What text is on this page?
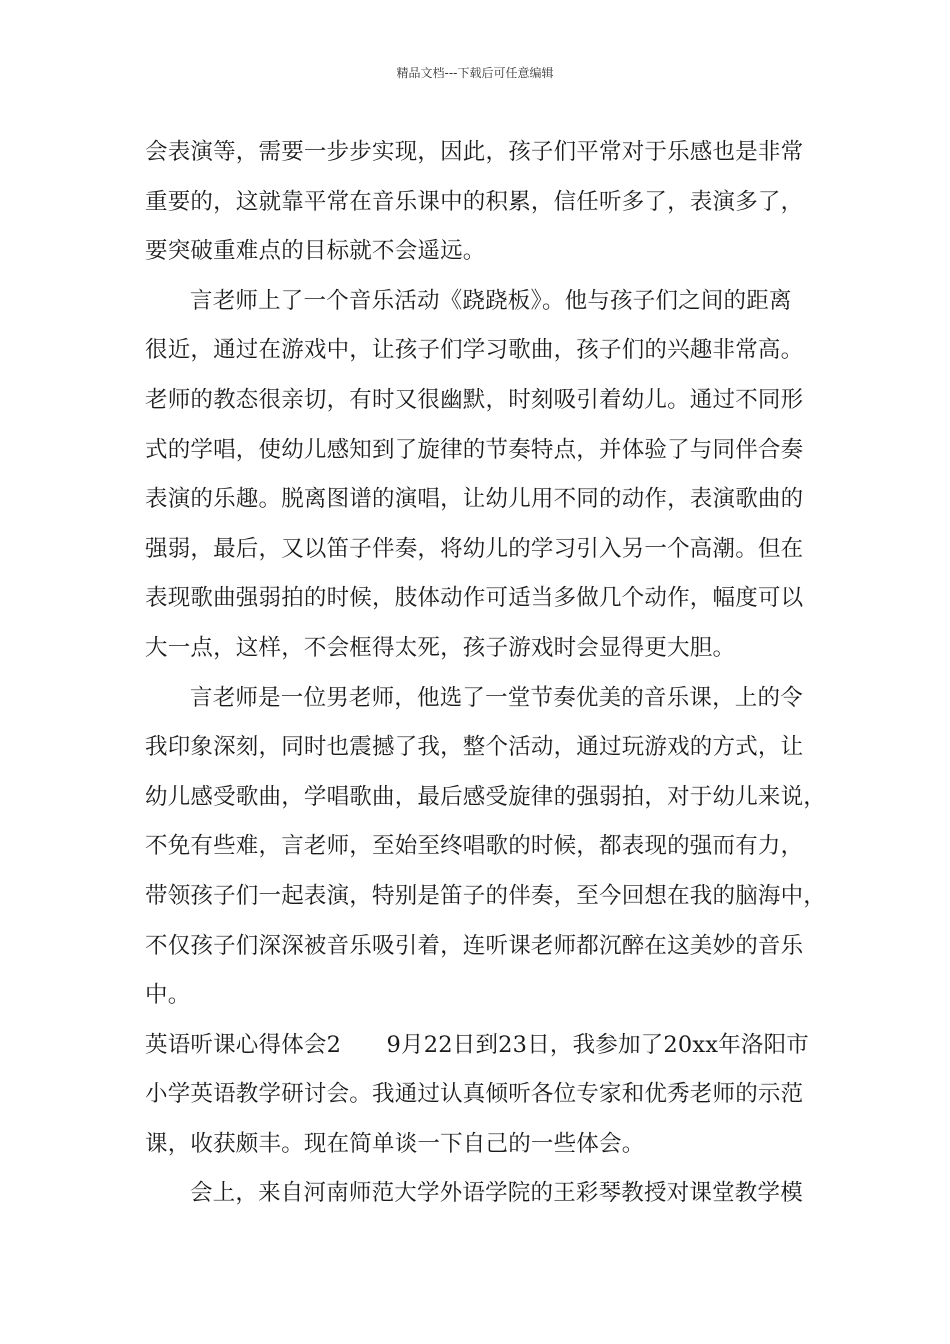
精品文档---下载后可任意编辑
会表演等，需要一步步实现，因此，孩子们平常对于乐感也是非常
重要的，这就靠平常在音乐课中的积累，信任听多了，表演多了，
要突破重难点的目标就不会遥远。
言老师上了一个音乐活动《跷跷板》。他与孩子们之间的距离
很近，通过在游戏中，让孩子们学习歌曲，孩子们的兴趣非常高。
老师的教态很亲切，有时又很幽默，时刻吸引着幼儿。通过不同形
式的学唱，使幼儿感知到了旋律的节奏特点，并体验了与同伴合奏
表演的乐趣。脱离图谱的演唱，让幼儿用不同的动作，表演歌曲的
强弱，最后，又以笛子伴奏，将幼儿的学习引入另一个高潮。但在
表现歌曲强弱拍的时候，肢体动作可适当多做几个动作，幅度可以
大一点，这样，不会框得太死，孩子游戏时会显得更大胆。
言老师是一位男老师，他选了一堂节奏优美的音乐课，上的令
我印象深刻，同时也震撼了我，整个活动，通过玩游戏的方式，让
幼儿感受歌曲，学唱歌曲，最后感受旋律的强弱拍，对于幼儿来说，
不免有些难，言老师，至始至终唱歌的时候，都表现的强而有力，
带领孩子们一起表演，特别是笛子的伴奏，至今回想在我的脑海中，
不仅孩子们深深被音乐吸引着，连听课老师都沉醉在这美妙的音乐
中。
英语听课心得体会2　　9月22日到23日，我参加了20xx年洛阳市
小学英语教学研讨会。我通过认真倾听各位专家和优秀老师的示范
课，收获颇丰。现在简单谈一下自己的一些体会。
会上，来自河南师范大学外语学院的王彩琴教授对课堂教学模
